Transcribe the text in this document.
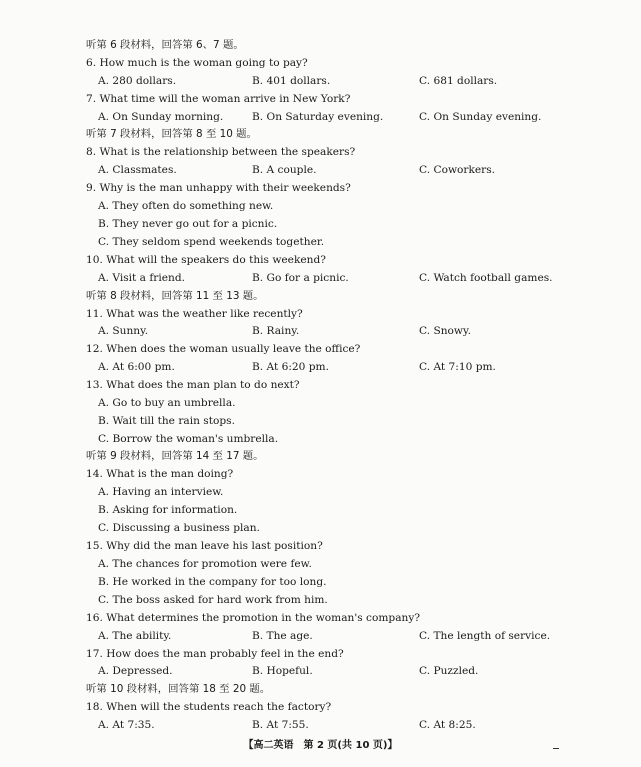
听第 6 段材料，回答第 6、7 题。
6. How much is the woman going to pay?
A. 280 dollars.	B. 401 dollars.	C. 681 dollars.
7. What time will the woman arrive in New York?
A. On Sunday morning.	B. On Saturday evening.	C. On Sunday evening.
听第 7 段材料，回答第 8 至 10 题。
8. What is the relationship between the speakers?
A. Classmates.	B. A couple.	C. Coworkers.
9. Why is the man unhappy with their weekends?
A. They often do something new.
B. They never go out for a picnic.
C. They seldom spend weekends together.
10. What will the speakers do this weekend?
A. Visit a friend.	B. Go for a picnic.	C. Watch football games.
听第 8 段材料，回答第 11 至 13 题。
11. What was the weather like recently?
A. Sunny.	B. Rainy.	C. Snowy.
12. When does the woman usually leave the office?
A. At 6:00 pm.	B. At 6:20 pm.	C. At 7:10 pm.
13. What does the man plan to do next?
A. Go to buy an umbrella.
B. Wait till the rain stops.
C. Borrow the woman's umbrella.
听第 9 段材料，回答第 14 至 17 题。
14. What is the man doing?
A. Having an interview.
B. Asking for information.
C. Discussing a business plan.
15. Why did the man leave his last position?
A. The chances for promotion were few.
B. He worked in the company for too long.
C. The boss asked for hard work from him.
16. What determines the promotion in the woman's company?
A. The ability.	B. The age.	C. The length of service.
17. How does the man probably feel in the end?
A. Depressed.	B. Hopeful.	C. Puzzled.
听第 10 段材料，回答第 18 至 20 题。
18. When will the students reach the factory?
A. At 7:35.	B. At 7:55.	C. At 8:25.
【高二英语　第 2 页(共 10 页)】
